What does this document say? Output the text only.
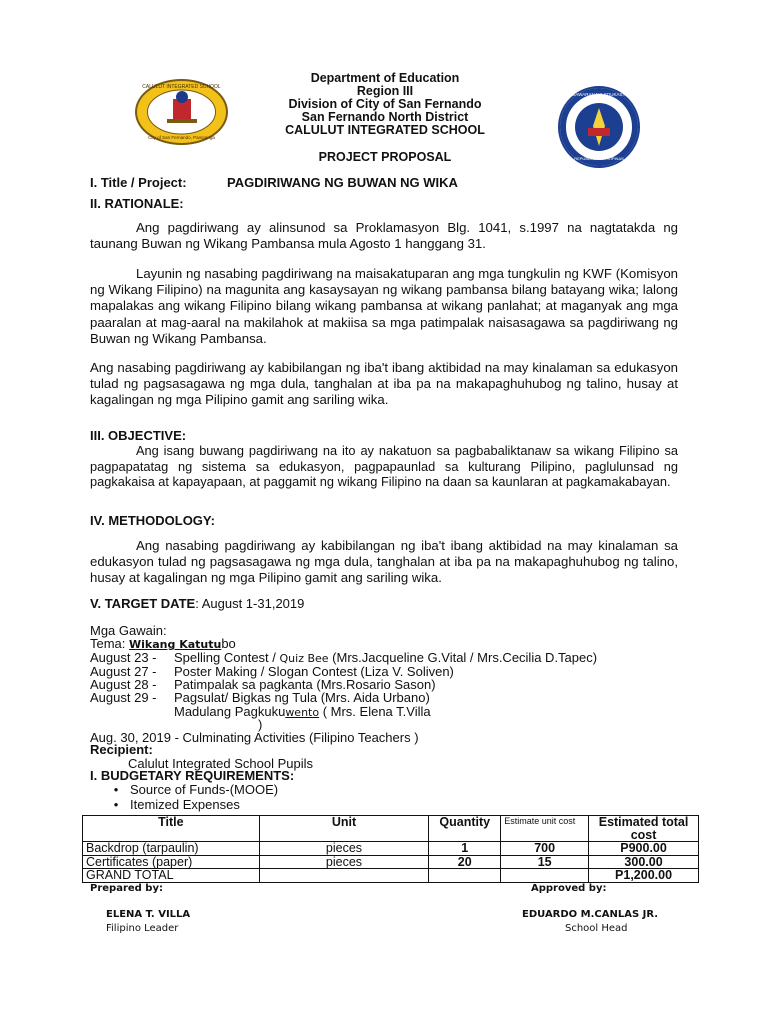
CALULUT INTEGRATED SCHOOL
City of San Fernando, Pampanga
KAGAWARAN NG EDUKASYON
REPUBLIKA NG PILIPINAS
Department of Education
Region III
Division of City of San Fernando
San Fernando North District
CALULUT INTEGRATED SCHOOL
PROJECT PROPOSAL
I. Title / Project:	PAGDIRIWANG NG BUWAN NG WIKA
II. RATIONALE:
Ang pagdiriwang ay alinsunod sa Proklamasyon Blg. 1041, s.1997 na nagtatakda ng taunang Buwan ng Wikang Pambansa mula Agosto 1 hanggang 31.
Layunin ng nasabing pagdiriwang na maisakatuparan ang mga tungkulin ng KWF (Komisyon ng Wikang Filipino) na magunita ang kasaysayan ng wikang pambansa bilang batayang wika; lalong mapalakas ang wikang Filipino bilang wikang pambansa at wikang panlahat; at maganyak ang mga paaralan at mag-aaral na makilahok at makiisa sa mga patimpalak naisasagawa sa pagdiriwang ng Buwan ng Wikang Pambansa.
Ang nasabing pagdiriwang ay kabibilangan ng iba't ibang aktibidad na may kinalaman sa edukasyon tulad ng pagsasagawa ng mga dula, tanghalan at iba pa na makapaghuhubog ng talino, husay at kagalingan ng mga Pilipino gamit ang sariling wika.
III. OBJECTIVE:
Ang isang buwang pagdiriwang na ito ay nakatuon sa pagbabaliktanaw sa wikang Filipino sa pagpapatatag ng sistema sa edukasyon, pagpapaunlad sa kulturang Pilipino, paglulunsad ng pagkakaisa at kapayapaan, at paggamit ng wikang Filipino na daan sa kaunlaran at pagkamakabayan.
IV. METHODOLOGY:
Ang nasabing pagdiriwang ay kabibilangan ng iba't ibang aktibidad na may kinalaman sa edukasyon tulad ng pagsasagawa ng mga dula, tanghalan at iba pa na makapaghuhubog ng talino, husay at kagalingan ng mga Pilipino gamit ang sariling wika.
V. TARGET DATE: August 1-31,2019
Mga Gawain:
Tema: Wikang Katutubo
August 23 - Spelling Contest / Quiz Bee (Mrs.Jacqueline G.Vital / Mrs.Cecilia D.Tapec)
August 27 - Poster Making / Slogan Contest (Liza V. Soliven)
August 28 - Patimpalak sa pagkanta (Mrs.Rosario Sason)
August 29 - Pagsulat/ Bigkas ng Tula (Mrs. Aida Urbano)
Madulang Pagkukuwento ( Mrs. Elena T.Villa
)
Aug. 30, 2019 - Culminating Activities (Filipino Teachers )
Recipient:
Calulut Integrated School Pupils
I. BUDGETARY REQUIREMENTS:
• Source of Funds-(MOOE)
• Itemized Expenses
Title	Unit	Quantity	Estimate unit cost	Estimated total cost
Backdrop (tarpaulin)	pieces	1	700	P900.00
Certificates (paper)	pieces	20	15	300.00
GRAND TOTAL				P1,200.00
Prepared by:	Approved by:
ELENA T. VILLA
Filipino Leader
EDUARDO M.CANLAS JR.
School Head
